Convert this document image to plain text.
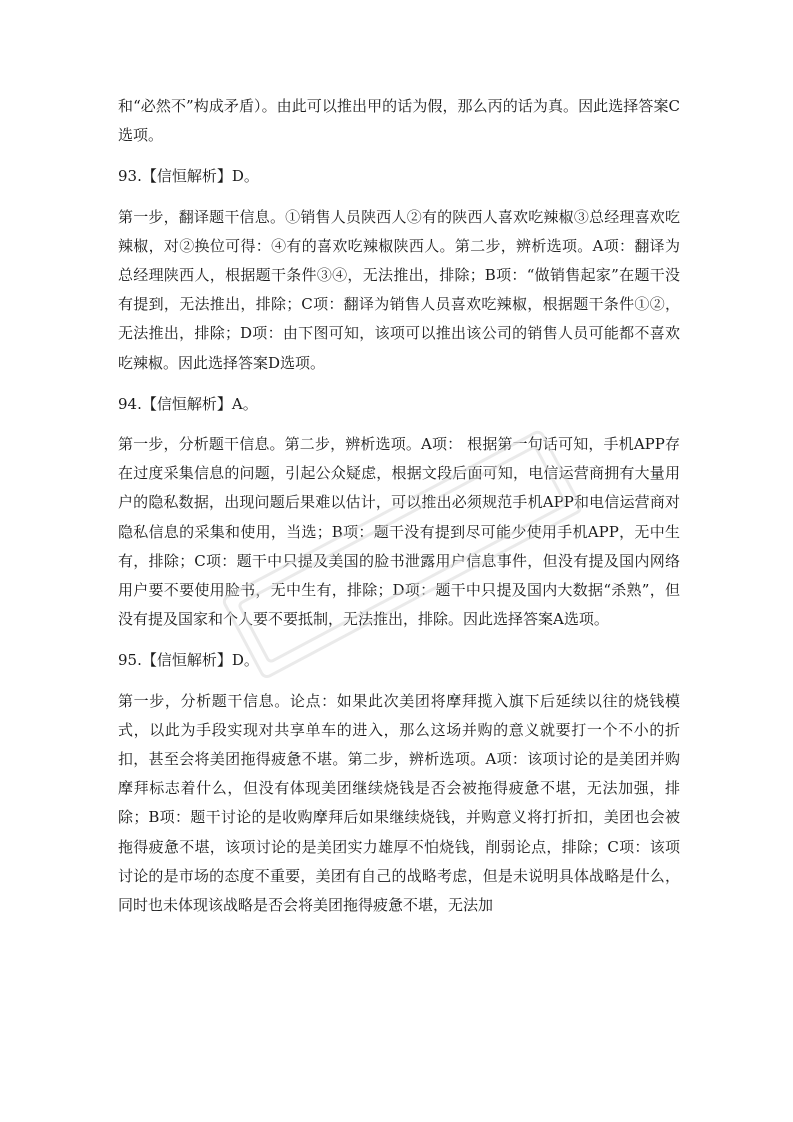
和“必然不”构成矛盾）。由此可以推出甲的话为假，那么丙的话为真。因此选择答案C选项。

93.【信恒解析】D。

第一步，翻译题干信息。①销售人员陕西人②有的陕西人喜欢吃辣椒③总经理喜欢吃辣椒，对②换位可得：④有的喜欢吃辣椒陕西人。第二步，辨析选项。A项：翻译为总经理陕西人，根据题干条件③④，无法推出，排除；B项：“做销售起家”在题干没有提到，无法推出，排除；C项：翻译为销售人员喜欢吃辣椒，根据题干条件①②，无法推出，排除；D项：由下图可知，该项可以推出该公司的销售人员可能都不喜欢吃辣椒。因此选择答案D选项。

94.【信恒解析】A。

第一步，分析题干信息。第二步，辨析选项。A项： 根据第一句话可知，手机APP存在过度采集信息的问题，引起公众疑虑，根据文段后面可知，电信运营商拥有大量用户的隐私数据，出现问题后果难以估计，可以推出必须规范手机APP和电信运营商对隐私信息的采集和使用，当选；B项：题干没有提到尽可能少使用手机APP，无中生有，排除；C项：题干中只提及美国的脸书泄露用户信息事件，但没有提及国内网络用户要不要使用脸书，无中生有，排除；D项：题干中只提及国内大数据“杀熟”，但没有提及国家和个人要不要抵制，无法推出，排除。因此选择答案A选项。

95.【信恒解析】D。

第一步，分析题干信息。论点：如果此次美团将摩拜揽入旗下后延续以往的烧钱模式，以此为手段实现对共享单车的进入，那么这场并购的意义就要打一个不小的折扣，甚至会将美团拖得疲惫不堪。第二步，辨析选项。A项：该项讨论的是美团并购摩拜标志着什么，但没有体现美团继续烧钱是否会被拖得疲惫不堪，无法加强，排除；B项：题干讨论的是收购摩拜后如果继续烧钱，并购意义将打折扣，美团也会被拖得疲惫不堪，该项讨论的是美团实力雄厚不怕烧钱，削弱论点，排除；C项：该项讨论的是市场的态度不重要，美团有自己的战略考虑，但是未说明具体战略是什么，同时也未体现该战略是否会将美团拖得疲惫不堪，无法加
